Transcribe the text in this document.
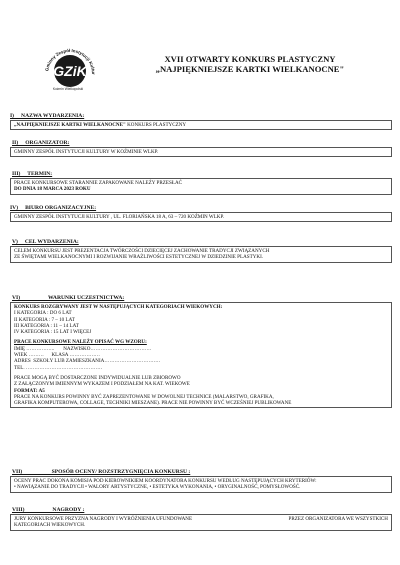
Gminny Zespół Instytucji Kultur
GZiK
Koźmin Wielkopolski
XVII OTWARTY KONKURS PLASTYCZNY
„NAJPIĘKNIEJSZE KARTKI WIELKANOCNE"
I)     NAZWA WYDARZENIA:
„NAJPIĘKNIEJSZE KARTKI WIELKANOCNE" KONKURS PLASTYCZNY
II)     ORGANIZATOR:
GMINNY ZESPÓŁ INSTYTUCJI KULTURY W KOŹMINIE WLKP.
III)     TERMIN:
PRACE KONKURSOWE STARANNIE ZAPAKOWANE NALEŻY PRZESŁAĆ
DO DNIA 18 MARCA 2023 ROKU
IV)     BIURO ORGANIZACYJNE:
GMINNY ZESPÓŁ INSTYTUCJI KULTURY , UL. FLORIAŃSKA 18 A, 63 – 720 KOŹMIN WLKP.
V)     CEL WYDARZENIA:
CELEM KONKURSU JEST PREZENTACJA TWÓRCZOŚCI DZIECIĘCEJ ZACHOWANIE TRADYCJI ZWIĄZANYCH
ZE ŚWIĘTAMI WIELKANOCNYMI I ROZWIJANIE WRAŻLIWOŚCI ESTETYCZNEJ W DZIEDZINIE PLASTYKI.
VI)                    WARUNKI UCZESTNICTWA:
KONKURS ROZGRYWANY JEST W NASTĘPUJĄCYCH KATEGORIACH WIEKOWYCH:
I KATEGORIA : DO 6 LAT
II KATEGORIA : 7 – 10 LAT
III KATEGORIA : 11 – 14 LAT
IV KATEGORIA : 15 LAT I WIĘCEJ
PRACE KONKURSOWE NALEŻY OPISAĆ WG WZORU:
IMIĘ ……………..       NAZWISKO………………………………
WIEK ………      KLASA ………………
ADRES  SZKOŁY LUB ZAMIESZKANIA……………………………
TEL. ………………………………………
PRACE MOGĄ BYĆ DOSTARCZONE INDYWIDUALNIE LUB ZBIOROWO
Z ZAŁĄCZONYM IMIENNYM WYKAZEM I PODZIAŁEM NA KAT. WIEKOWE
FORMAT: A5
PRACE NA KONKURS POWINNY BYĆ ZAPREZENTOWANE W DOWOLNEJ TECHNICE (MALARSTWO, GRAFIKA,
GRAFIKA KOMPUTEROWA, COLLAGE, TECHNIKI MIESZANE). PRACE NIE POWINNY BYĆ WCZEŚNIEJ PUBLIKOWANE
VII)                     SPOSÓB OCENY/ ROZSTRZYGNIĘCIA KONKURSU :
OCENY PRAC DOKONA KOMISJA POD KIEROWNIKIEM KOORDYNATORA KONKURSU WEDŁUG NASTĘPUJĄCYCH KRYTERIÓW:
• NAWIĄZANIE DO TRADYCJI • WALORY ARTYSTYCZNE, • ESTETYKA WYKONANIA, • ORYGINALNOŚĆ, POMYSŁOWOŚĆ.
VIII)                    NAGRODY :
JURY KONKURSOWE PRZYZNA NAGRODY I WYRÓŻNIENIA UFUNDOWANE	PRZEZ ORGANIZATORA WE WSZYSTKICH
KATEGORIACH WIEKOWYCH.
